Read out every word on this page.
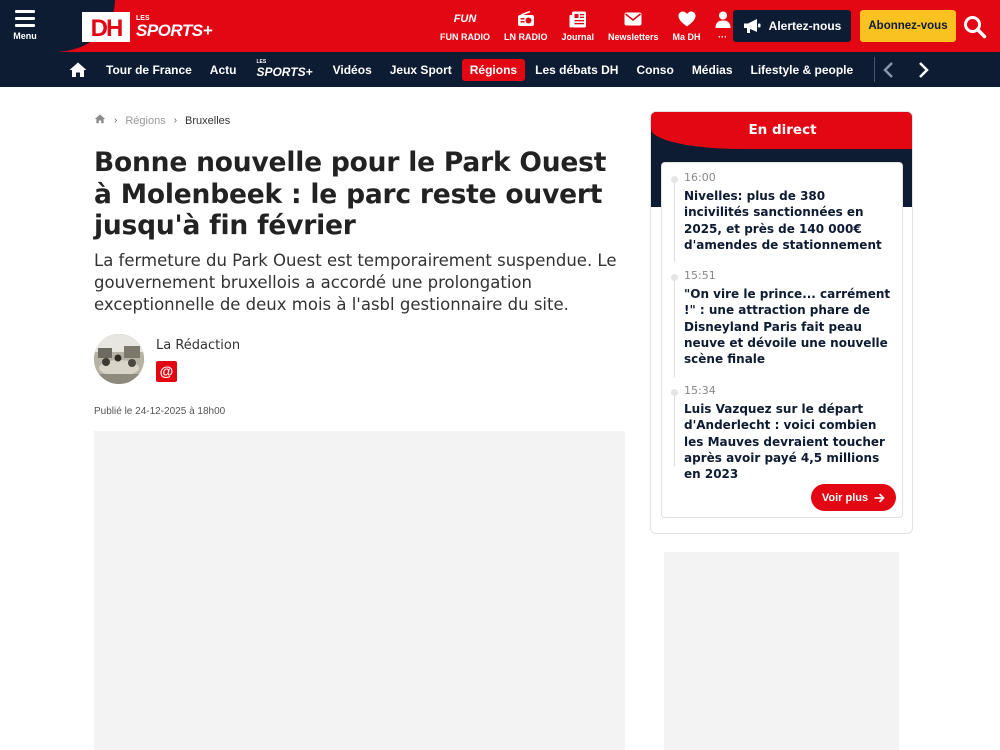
Menu	DH	LES
SPORTS+
FUN
FUN RADIO LN RADIO Journal Newsletters Ma DH	···
Alertez-nous	Abonnez-vous
Tour de France	Actu
LES
SPORTS+	Vidéos	Jeux Sport	Régions	Les débats DH	Conso	Médias	Lifestyle & people
› Régions › Bruxelles
Bonne nouvelle pour le Park Ouest à Molenbeek : le parc reste ouvert jusqu'à fin février

La fermeture du Park Ouest est temporairement suspendue. Le gouvernement bruxellois a accordé une prolongation exceptionnelle de deux mois à l'asbl gestionnaire du site.

La Rédaction
@
Publié le 24-12-2025 à 18h00
En direct
16:00
Nivelles: plus de 380 incivilités sanctionnées en 2025, et près de 140 000€ d'amendes de stationnement
15:51
"On vire le prince... carrément !" : une attraction phare de Disneyland Paris fait peau neuve et dévoile une nouvelle scène finale
15:34
Luis Vazquez sur le départ d'Anderlecht : voici combien les Mauves devraient toucher après avoir payé 4,5 millions en 2023
Voir plus
